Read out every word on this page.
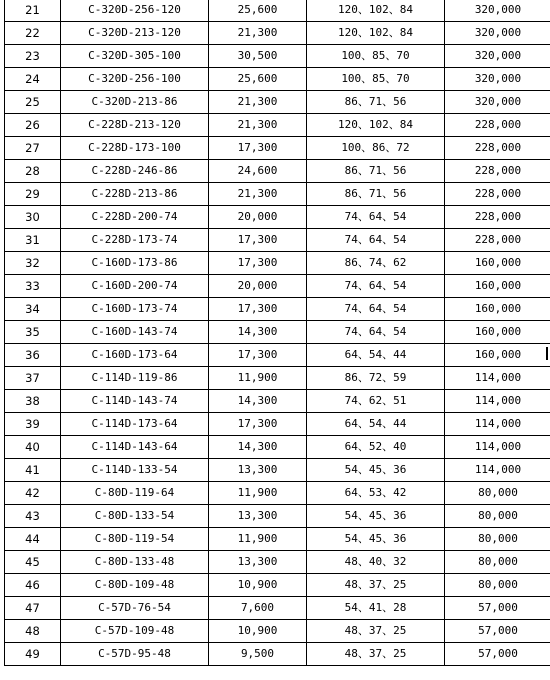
21	C-320D-256-120	25,600	120、102、84	320,000
22	C-320D-213-120	21,300	120、102、84	320,000
23	C-320D-305-100	30,500	100、85、70	320,000
24	C-320D-256-100	25,600	100、85、70	320,000
25	C-320D-213-86	21,300	86、71、56	320,000
26	C-228D-213-120	21,300	120、102、84	228,000
27	C-228D-173-100	17,300	100、86、72	228,000
28	C-228D-246-86	24,600	86、71、56	228,000
29	C-228D-213-86	21,300	86、71、56	228,000
30	C-228D-200-74	20,000	74、64、54	228,000
31	C-228D-173-74	17,300	74、64、54	228,000
32	C-160D-173-86	17,300	86、74、62	160,000
33	C-160D-200-74	20,000	74、64、54	160,000
34	C-160D-173-74	17,300	74、64、54	160,000
35	C-160D-143-74	14,300	74、64、54	160,000
36	C-160D-173-64	17,300	64、54、44	160,000
37	C-114D-119-86	11,900	86、72、59	114,000
38	C-114D-143-74	14,300	74、62、51	114,000
39	C-114D-173-64	17,300	64、54、44	114,000
40	C-114D-143-64	14,300	64、52、40	114,000
41	C-114D-133-54	13,300	54、45、36	114,000
42	C-80D-119-64	11,900	64、53、42	80,000
43	C-80D-133-54	13,300	54、45、36	80,000
44	C-80D-119-54	11,900	54、45、36	80,000
45	C-80D-133-48	13,300	48、40、32	80,000
46	C-80D-109-48	10,900	48、37、25	80,000
47	C-57D-76-54	7,600	54、41、28	57,000
48	C-57D-109-48	10,900	48、37、25	57,000
49	C-57D-95-48	9,500	48、37、25	57,000
